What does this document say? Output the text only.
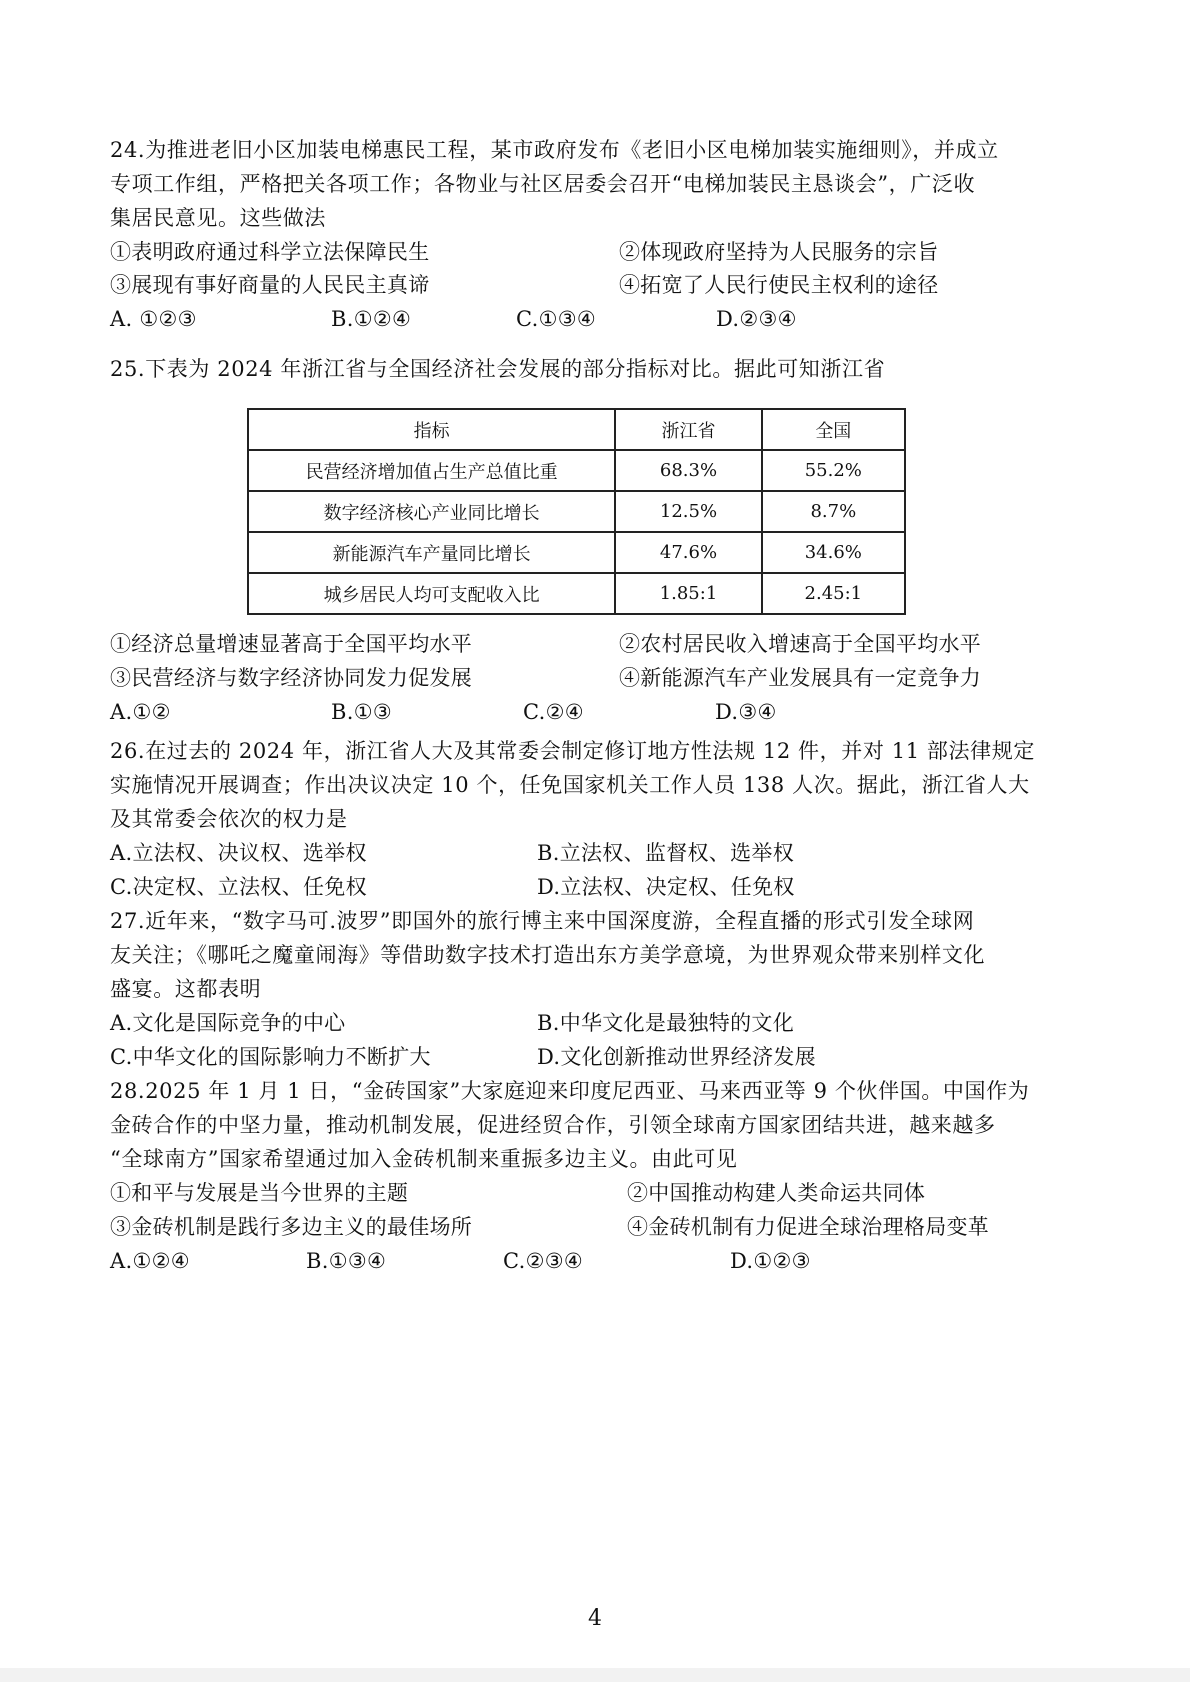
24.为推进老旧小区加装电梯惠民工程，某市政府发布《老旧小区电梯加装实施细则》，并成立
专项工作组，严格把关各项工作；各物业与社区居委会召开“电梯加装民主恳谈会”，广泛收
集居民意见。这些做法
①表明政府通过科学立法保障民生	②体现政府坚持为人民服务的宗旨
③展现有事好商量的人民民主真谛	④拓宽了人民行使民主权利的途径
A. ①②③	B.①②④	C.①③④	D.②③④
25.下表为 2024 年浙江省与全国经济社会发展的部分指标对比。据此可知浙江省
指标	浙江省	全国
民营经济增加值占生产总值比重	68.3%	55.2%
数字经济核心产业同比增长	12.5%	8.7%
新能源汽车产量同比增长	47.6%	34.6%
城乡居民人均可支配收入比	1.85:1	2.45:1
①经济总量增速显著高于全国平均水平	②农村居民收入增速高于全国平均水平
③民营经济与数字经济协同发力促发展	④新能源汽车产业发展具有一定竞争力
A.①②	B.①③	C.②④	D.③④
26.在过去的 2024 年，浙江省人大及其常委会制定修订地方性法规 12 件，并对 11 部法律规定
实施情况开展调查；作出决议决定 10 个，任免国家机关工作人员 138 人次。据此，浙江省人大
及其常委会依次的权力是
A.立法权、决议权、选举权	B.立法权、监督权、选举权
C.决定权、立法权、任免权	D.立法权、决定权、任免权
27.近年来，“数字马可.波罗”即国外的旅行博主来中国深度游，全程直播的形式引发全球网
友关注；《哪吒之魔童闹海》等借助数字技术打造出东方美学意境，为世界观众带来别样文化
盛宴。这都表明
A.文化是国际竞争的中心	B.中华文化是最独特的文化
C.中华文化的国际影响力不断扩大	D.文化创新推动世界经济发展
28.2025 年 1 月 1 日，“金砖国家”大家庭迎来印度尼西亚、马来西亚等 9 个伙伴国。中国作为
金砖合作的中坚力量，推动机制发展，促进经贸合作，引领全球南方国家团结共进，越来越多
“全球南方”国家希望通过加入金砖机制来重振多边主义。由此可见
①和平与发展是当今世界的主题	②中国推动构建人类命运共同体
③金砖机制是践行多边主义的最佳场所	④金砖机制有力促进全球治理格局变革
A.①②④	B.①③④	C.②③④	D.①②③
4
